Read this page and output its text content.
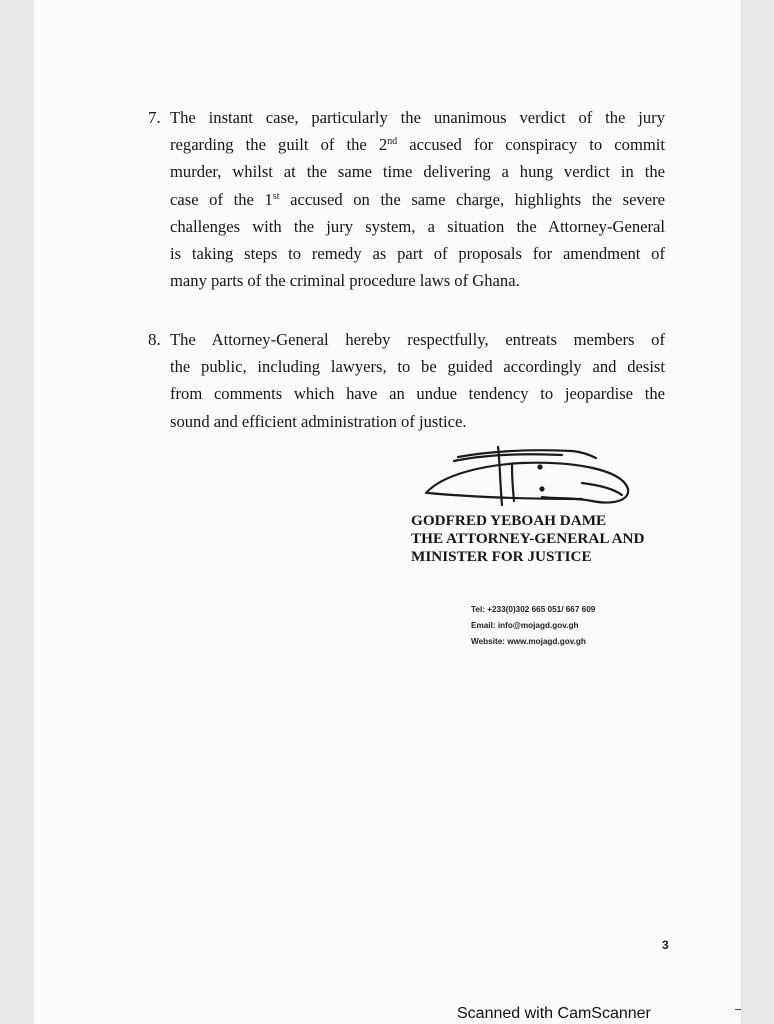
7. The instant case, particularly the unanimous verdict of the jury
regarding the guilt of the 2nd accused for conspiracy to commit
murder, whilst at the same time delivering a hung verdict in the
case of the 1st accused on the same charge, highlights the severe
challenges with the jury system, a situation the Attorney-General
is taking steps to remedy as part of proposals for amendment of
many parts of the criminal procedure laws of Ghana.
8. The Attorney-General hereby respectfully, entreats members of
the public, including lawyers, to be guided accordingly and desist
from comments which have an undue tendency to jeopardise the
sound and efficient administration of justice.
GODFRED YEBOAH DAME
THE ATTORNEY-GENERAL AND
MINISTER FOR JUSTICE
Tel: +233(0)302 665 051/ 667 609
Email: info@mojagd.gov.gh
Website: www.mojagd.gov.gh
3
Scanned with CamScanner
